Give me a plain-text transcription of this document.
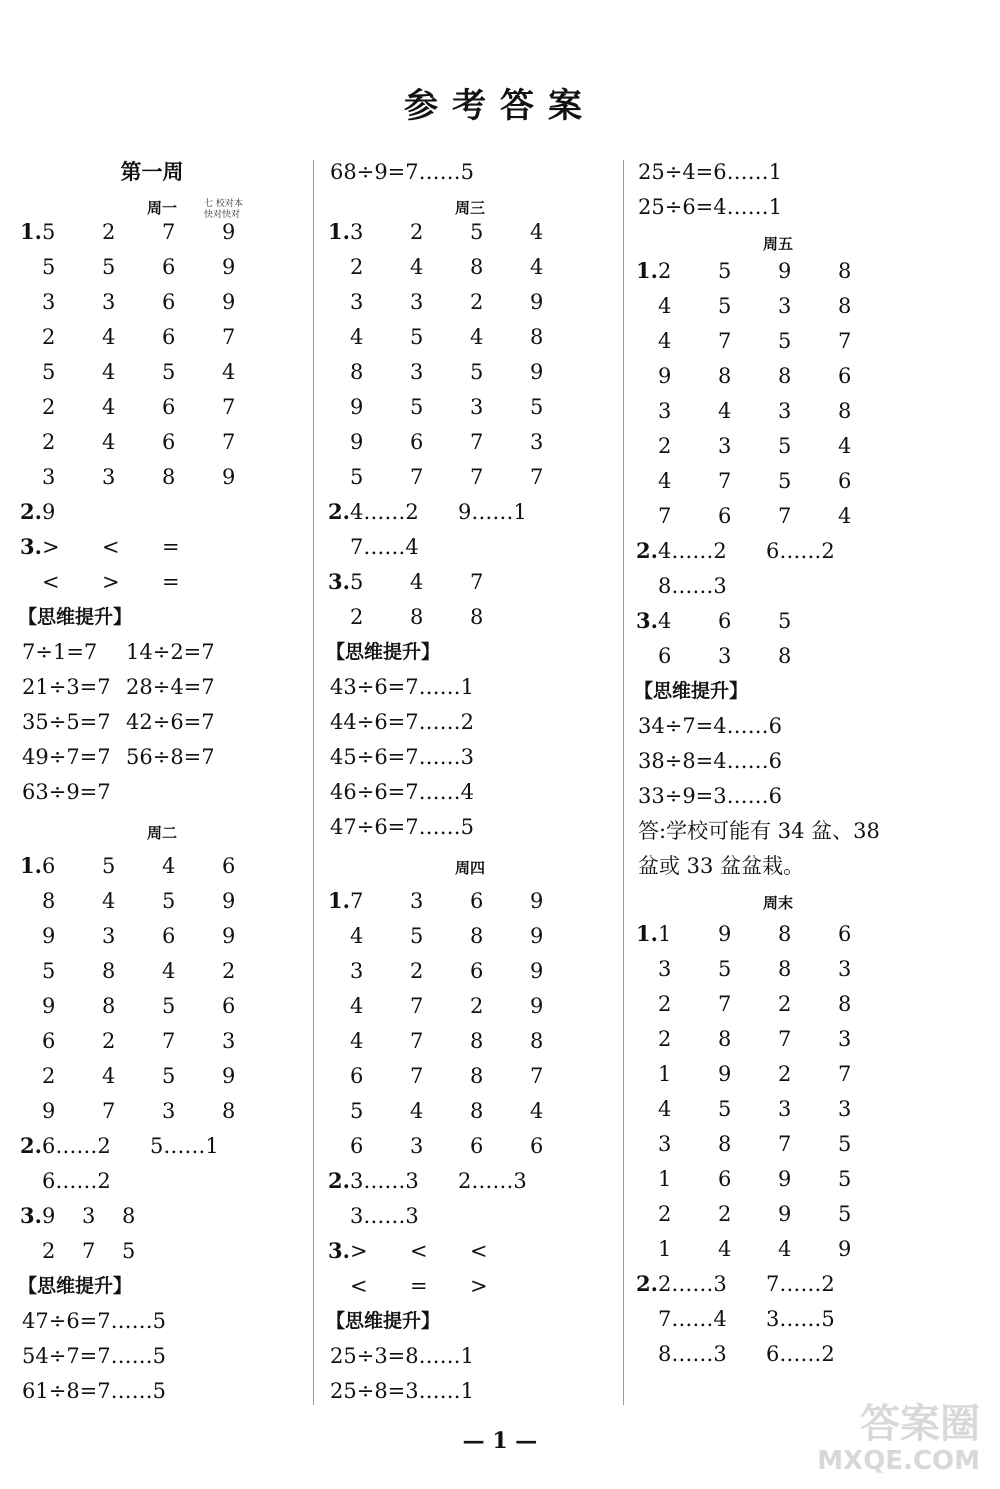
参考答案
第一周
周一
1. 5 2 7 9
5 5 6 9
3 3 6 9
2 4 6 7
5 4 5 4
2 4 6 7
2 4 6 7
3 3 8 9
2. 9
3. > < =
< > =
【思维提升】
7÷1=7 14÷2=7
21÷3=7 28÷4=7
35÷5=7 42÷6=7
49÷7=7 56÷8=7
63÷9=7
周二
1. 6 5 4 6
8 4 5 9
9 3 6 9
5 8 4 2
9 8 5 6
6 2 7 3
2 4 5 9
9 7 3 8
2. 6……2 5……1
6……2
3. 9 3 8
2 7 5
【思维提升】
47÷6=7……5
54÷7=7……5
61÷8=7……5
68÷9=7……5
周三
1. 3 2 5 4
2 4 8 4
3 3 2 9
4 5 4 8
8 3 5 9
9 5 3 5
9 6 7 3
5 7 7 7
2. 4……2 9……1
7……4
3. 5 4 7
2 8 8
【思维提升】
43÷6=7……1
44÷6=7……2
45÷6=7……3
46÷6=7……4
47÷6=7……5
周四
1. 7 3 6 9
4 5 8 9
3 2 6 9
4 7 2 9
4 7 8 8
6 7 8 7
5 4 8 4
6 3 6 6
2. 3……3 2……3
3……3
3. > < <
< = >
【思维提升】
25÷3=8……1
25÷8=3……1
25÷4=6……1
25÷6=4……1
周五
1. 2 5 9 8
4 5 3 8
4 7 5 7
9 8 8 6
3 4 3 8
2 3 5 4
4 7 5 6
7 6 7 4
2. 4……2 6……2
8……3
3. 4 6 5
6 3 8
【思维提升】
34÷7=4……6
38÷8=4……6
33÷9=3……6
答:学校可能有 34 盆、38
盆或 33 盆盆栽。
周末
1. 1 9 8 6
3 5 8 3
2 7 2 8
2 8 7 3
1 9 2 7
4 5 3 3
3 8 7 5
1 6 9 5
2 2 9 5
1 4 4 9
2. 2……3 7……2
7……4 3……5
8……3 6……2
七 校对本
快对快对
— 1 —	答案圈
MXQE.COM
